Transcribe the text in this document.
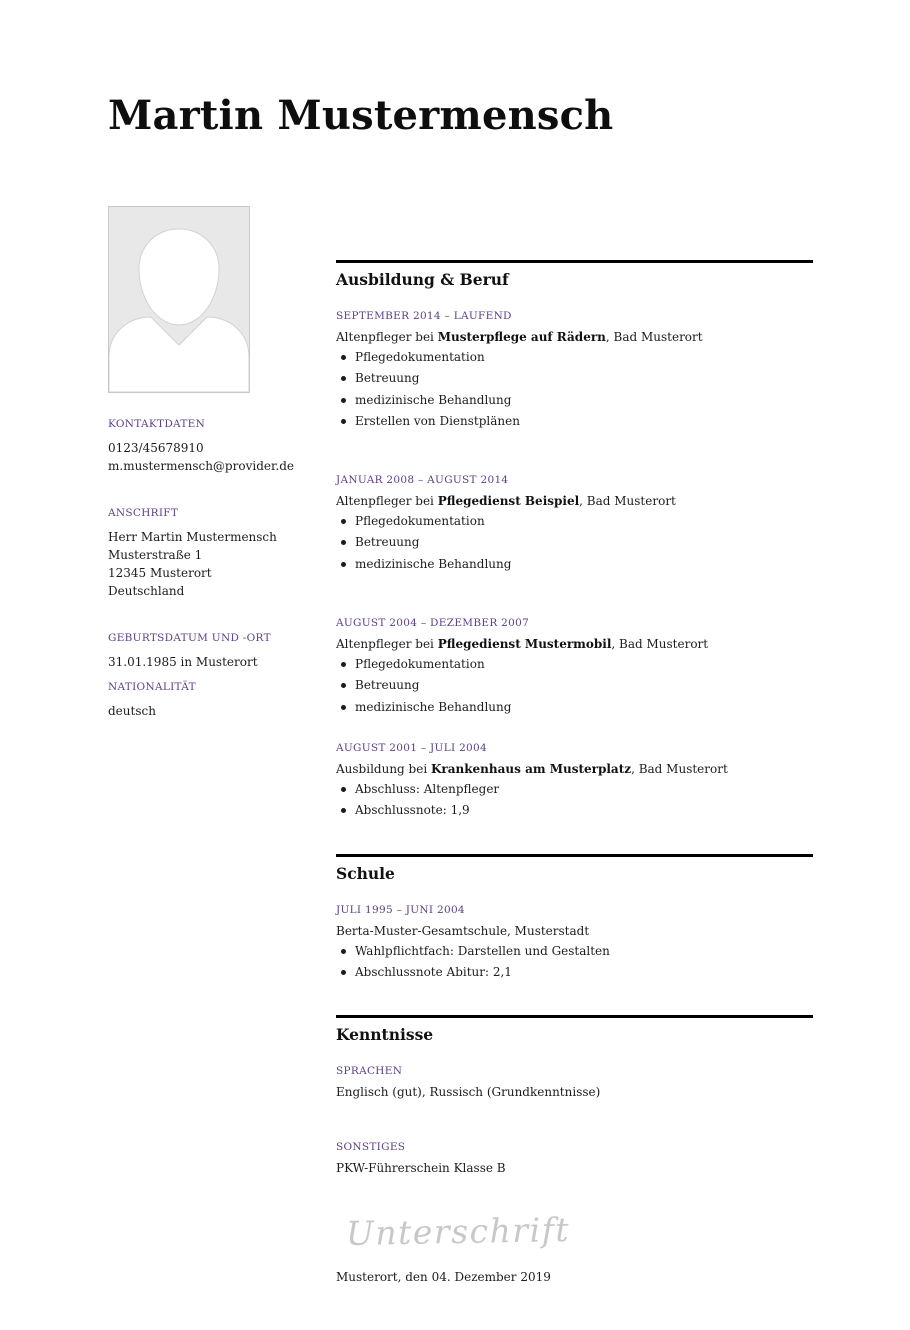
Martin Mustermensch

KONTAKTDATEN

0123/45678910

m.mustermensch@provider.de

ANSCHRIFT

Herr Martin Mustermensch

Musterstraße 1

12345 Musterort

Deutschland

GEBURTSDATUM UND -ORT

31.01.1985 in Musterort

NATIONALITÄT

deutsch

Ausbildung & Beruf

SEPTEMBER 2014 – LAUFEND

Altenpfleger bei Musterpflege auf Rädern, Bad Musterort

Pflegedokumentation
Betreuung
medizinische Behandlung
Erstellen von Dienstplänen

JANUAR 2008 – AUGUST 2014

Altenpfleger bei Pflegedienst Beispiel, Bad Musterort

Pflegedokumentation
Betreuung
medizinische Behandlung

AUGUST 2004 – DEZEMBER 2007

Altenpfleger bei Pflegedienst Mustermobil, Bad Musterort

Pflegedokumentation
Betreuung
medizinische Behandlung

AUGUST 2001 – JULI 2004

Ausbildung bei Krankenhaus am Musterplatz, Bad Musterort

Abschluss: Altenpfleger
Abschlussnote: 1,9
Schule

JULI 1995 – JUNI 2004

Berta-Muster-Gesamtschule, Musterstadt

Wahlpflichtfach: Darstellen und Gestalten
Abschlussnote Abitur: 2,1
Kenntnisse

SPRACHEN

Englisch (gut), Russisch (Grundkenntnisse)

SONSTIGES

PKW-Führerschein Klasse B

Unterschrift

Musterort, den 04. Dezember 2019
